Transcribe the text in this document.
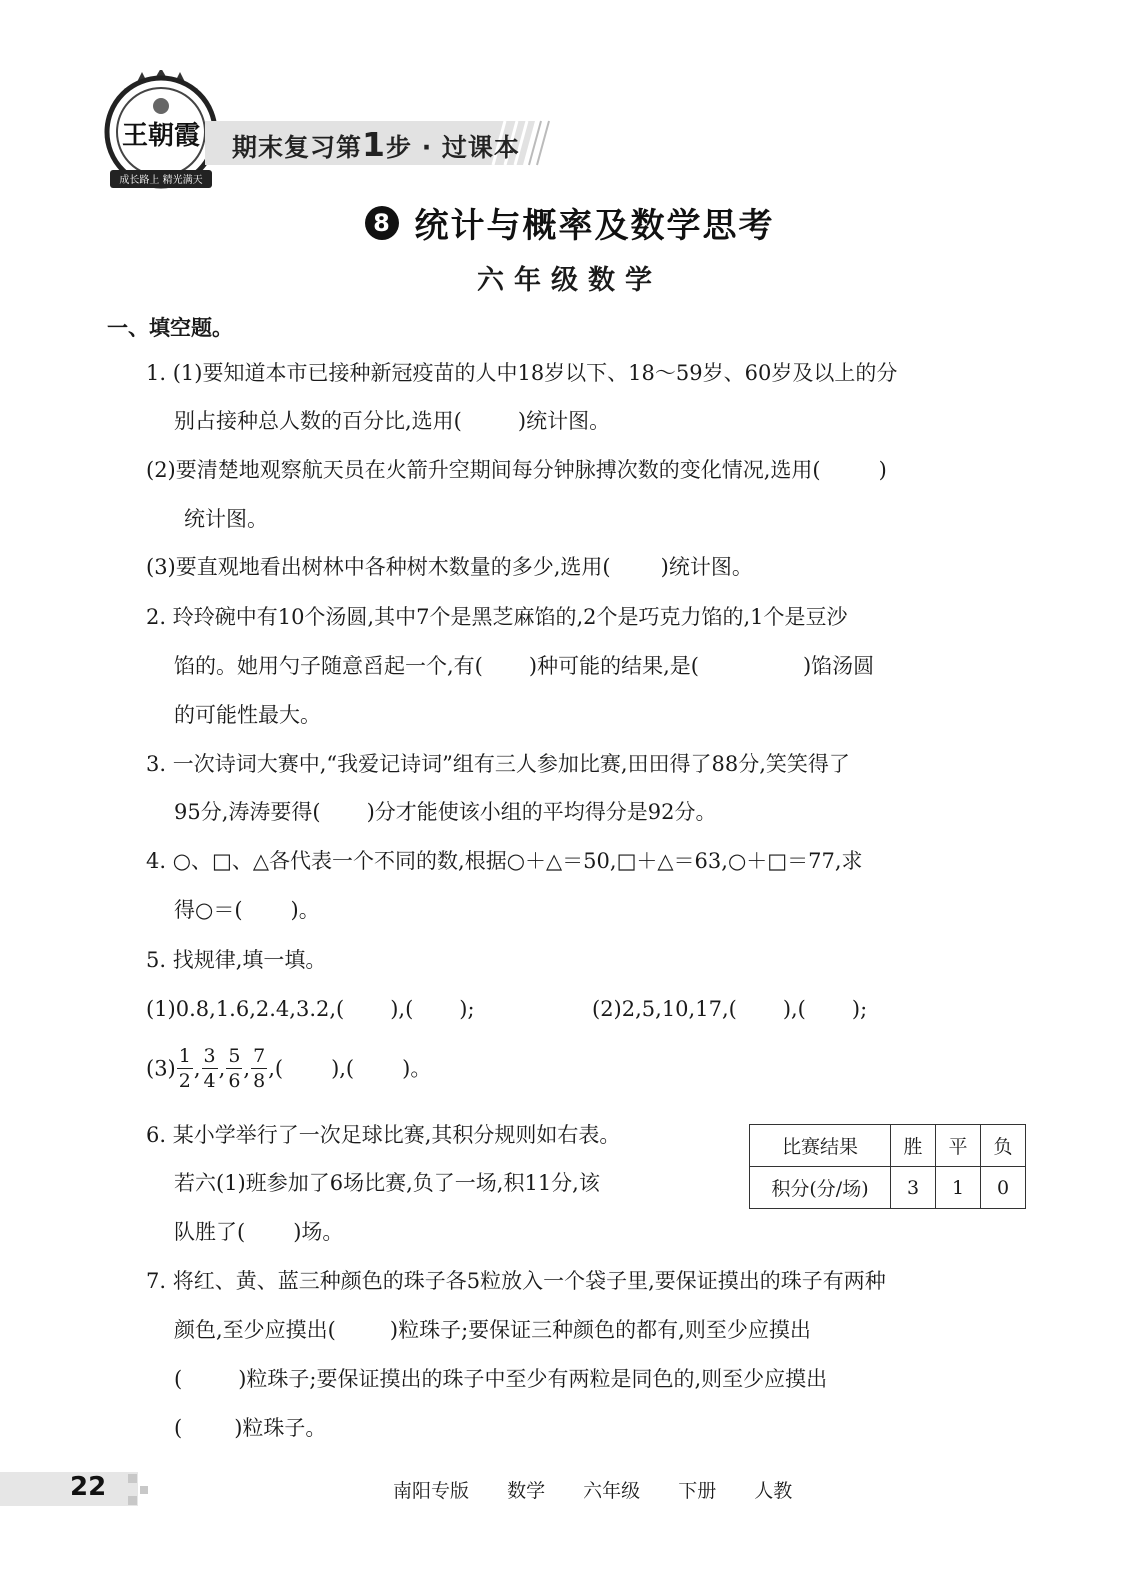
王朝霞
成长路上 精光满天
期末复习第1步 · 过课本
8 统计与概率及数学思考
六年级数学
一、填空题。
1. (1)要知道本市已接种新冠疫苗的人中18岁以下、18～59岁、60岁及以上的分
别占接种总人数的百分比,选用(	)统计图。
(2)要清楚地观察航天员在火箭升空期间每分钟脉搏次数的变化情况,选用(	)
统计图。
(3)要直观地看出树林中各种树木数量的多少,选用( )统计图。
2. 玲玲碗中有10个汤圆,其中7个是黑芝麻馅的,2个是巧克力馅的,1个是豆沙
馅的。她用勺子随意舀起一个,有( )种可能的结果,是(	)馅汤圆
的可能性最大。
3. 一次诗词大赛中,“我爱记诗词”组有三人参加比赛,田田得了88分,笑笑得了
95分,涛涛要得( )分才能使该小组的平均得分是92分。
4. ○、□、△各代表一个不同的数,根据○＋△＝50,□＋△＝63,○＋□＝77,求
得○＝( )。
5. 找规律,填一填。
(1)0.8,1.6,2.4,3.2,( ),( );	(2)2,5,10,17,( ),( );
$(3) \frac{1}{2}$ , $\frac{3}{4}$ , $\frac{5}{6}$ , $\frac{7}{8}$ ,( ),( )。
6. 某小学举行了一次足球比赛,其积分规则如右表。
若六(1)班参加了6场比赛,负了一场,积11分,该
队胜了( )场。
比赛结果	胜	平	负
积分(分/场)	3	1	0
7. 将红、黄、蓝三种颜色的珠子各5粒放入一个袋子里,要保证摸出的珠子有两种
颜色,至少应摸出(	)粒珠子;要保证三种颜色的都有,则至少应摸出
(	)粒珠子;要保证摸出的珠子中至少有两粒是同色的,则至少应摸出
( )粒珠子。
22	南阳专版 数学 六年级 下册 人教
